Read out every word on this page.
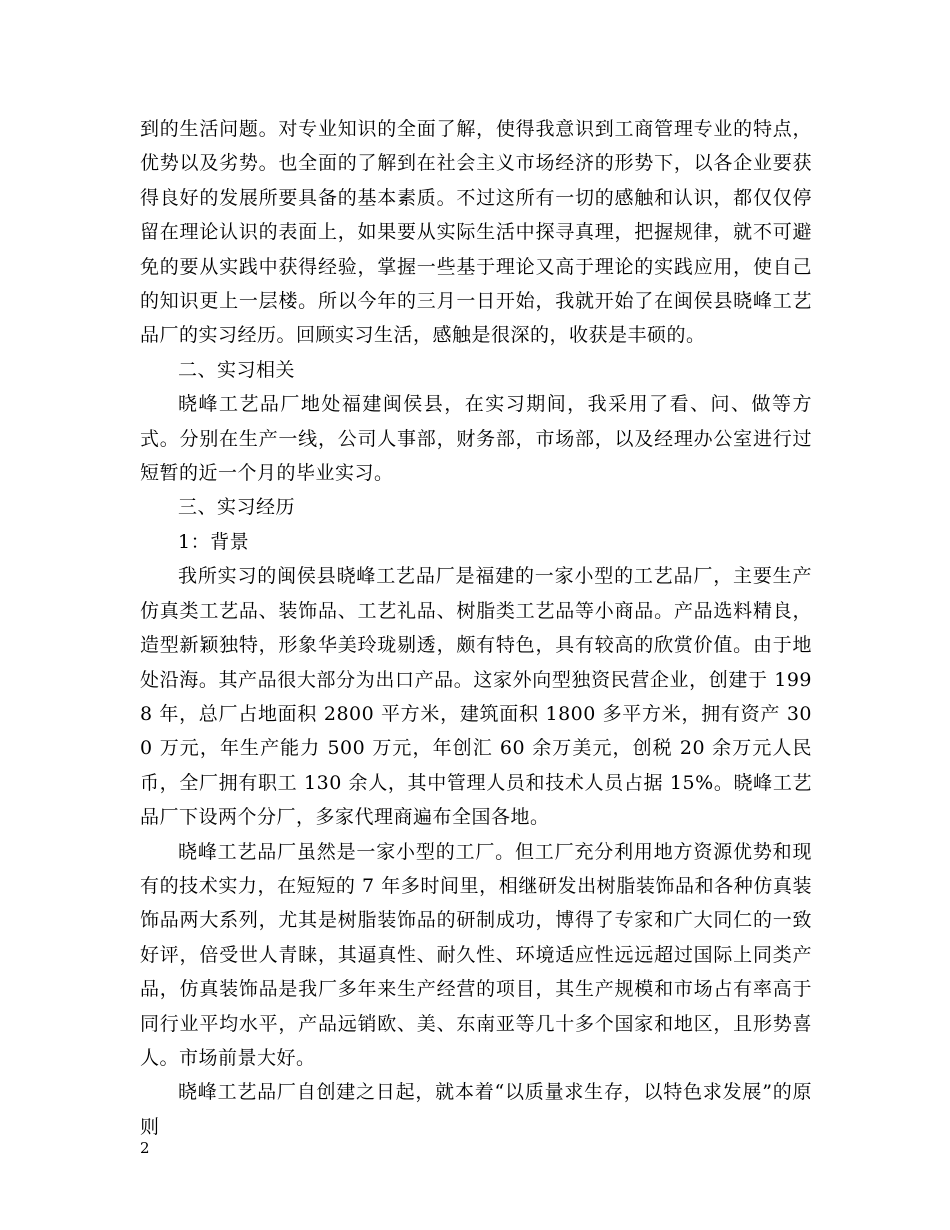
到的生活问题。对专业知识的全面了解，使得我意识到工商管理专业的特点，优势以及劣势。也全面的了解到在社会主义市场经济的形势下，以各企业要获得良好的发展所要具备的基本素质。不过这所有一切的感触和认识，都仅仅停留在理论认识的表面上，如果要从实际生活中探寻真理，把握规律，就不可避免的要从实践中获得经验，掌握一些基于理论又高于理论的实践应用，使自己的知识更上一层楼。所以今年的三月一日开始，我就开始了在闽侯县晓峰工艺品厂的实习经历。回顾实习生活，感触是很深的，收获是丰硕的。

二、实习相关

晓峰工艺品厂地处福建闽侯县，在实习期间，我采用了看、问、做等方式。分别在生产一线，公司人事部，财务部，市场部，以及经理办公室进行过短暂的近一个月的毕业实习。

三、实习经历

1：背景

我所实习的闽侯县晓峰工艺品厂是福建的一家小型的工艺品厂，主要生产仿真类工艺品、装饰品、工艺礼品、树脂类工艺品等小商品。产品选料精良，造型新颖独特，形象华美玲珑剔透，颇有特色，具有较高的欣赏价值。由于地处沿海。其产品很大部分为出口产品。这家外向型独资民营企业，创建于 1998 年，总厂占地面积 2800 平方米，建筑面积 1800 多平方米，拥有资产 300 万元，年生产能力 500 万元，年创汇 60 余万美元，创税 20 余万元人民币，全厂拥有职工 130 余人，其中管理人员和技术人员占据 15%。晓峰工艺品厂下设两个分厂，多家代理商遍布全国各地。

晓峰工艺品厂虽然是一家小型的工厂。但工厂充分利用地方资源优势和现有的技术实力，在短短的 7 年多时间里，相继研发出树脂装饰品和各种仿真装饰品两大系列，尤其是树脂装饰品的研制成功，博得了专家和广大同仁的一致好评，倍受世人青睐，其逼真性、耐久性、环境适应性远远超过国际上同类产品，仿真装饰品是我厂多年来生产经营的项目，其生产规模和市场占有率高于同行业平均水平，产品远销欧、美、东南亚等几十多个国家和地区，且形势喜人。市场前景大好。

晓峰工艺品厂自创建之日起，就本着“以质量求生存，以特色求发展”的原则

2
